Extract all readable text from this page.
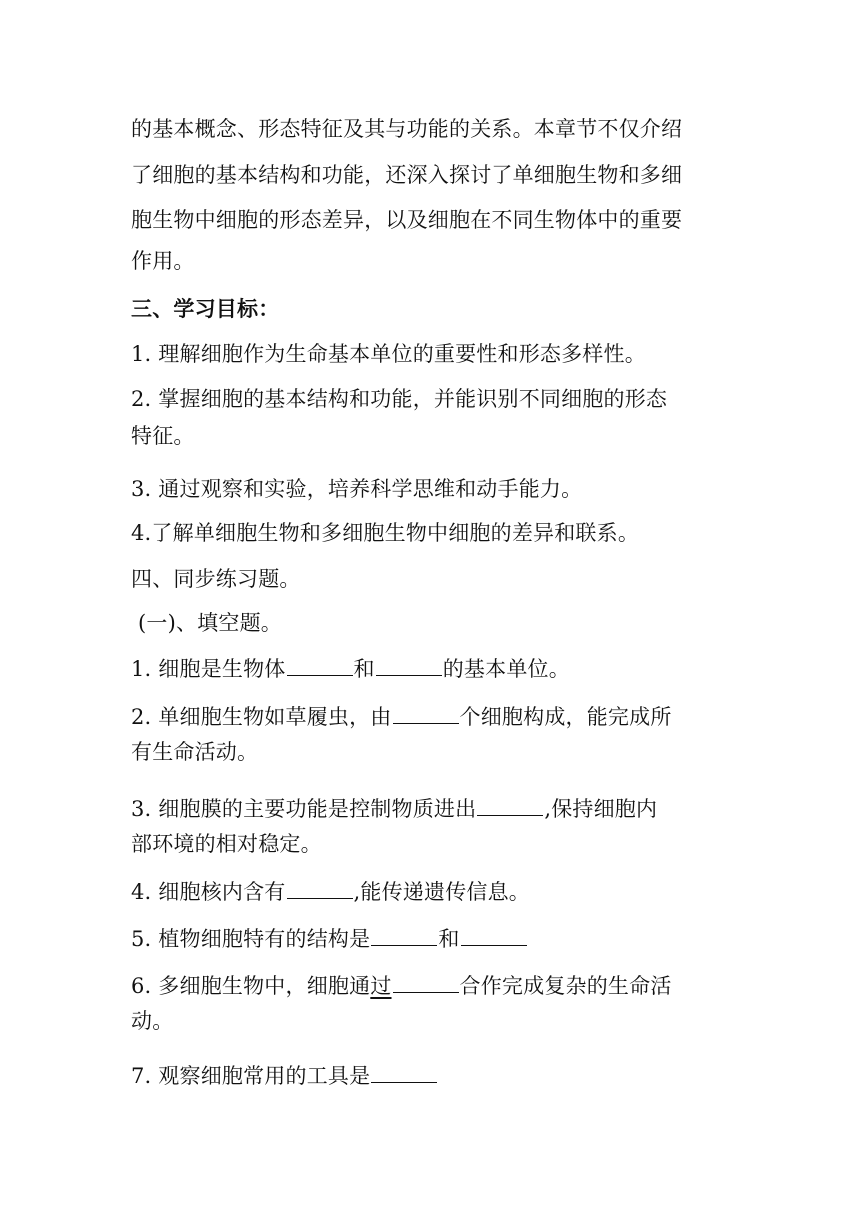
的基本概念、形态特征及其与功能的关系。本章节不仅介绍
了细胞的基本结构和功能，还深入探讨了单细胞生物和多细
胞生物中细胞的形态差异，以及细胞在不同生物体中的重要
作用。
三、学习目标：
1. 理解细胞作为生命基本单位的重要性和形态多样性。
2. 掌握细胞的基本结构和功能，并能识别不同细胞的形态
特征。
3. 通过观察和实验，培养科学思维和动手能力。
4.了解单细胞生物和多细胞生物中细胞的差异和联系。
四、同步练习题。
(一)、填空题。
1. 细胞是生物体	和	的基本单位。
2. 单细胞生物如草履虫，由	个细胞构成，能完成所
有生命活动。
3. 细胞膜的主要功能是控制物质进出	,保持细胞内
部环境的相对稳定。
4. 细胞核内含有	,能传递遗传信息。
5. 植物细胞特有的结构是	和
6. 多细胞生物中，细胞通过	合作完成复杂的生命活
动。
7. 观察细胞常用的工具是
